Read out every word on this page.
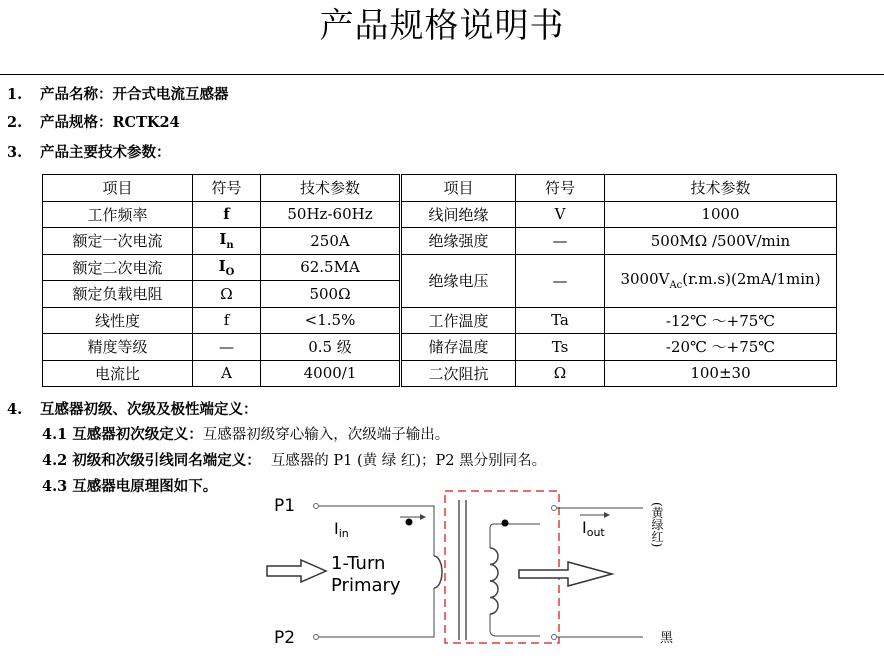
产品规格说明书
1. 产品名称：开合式电流互感器
2. 产品规格：RCTK24
3. 产品主要技术参数：
项目	符号	技术参数	项目	符号	技术参数
工作频率	f	50Hz-60Hz	线间绝缘	V	1000
额定一次电流	$I_n$	250A	绝缘强度	—	500MΩ /500V/min
额定二次电流	$I_O$	62.5MA	绝缘电压	—	$3000V_{Ac}(r.m.s)(2mA/1\min)$
额定负载电阻	Ω	500Ω			
线性度	f	<1.5%	工作温度	Ta	-12℃ ～+75℃
精度等级	—	0.5 级	储存温度	Ts	-20℃ ～+75℃
电流比	A	4000/1	二次阻抗	Ω	100±30
4. 互感器初级、次级及极性端定义：
4.1 互感器初次级定义：互感器初级穿心输入，次级端子输出。
4.2 初级和次级引线同名端定义： 互感器的 P1 (黄 绿 红)；P2 黑分别同名。
4.3 互感器电原理图如下。
P1
P2
Iin
1-Turn
Primary
Iout	(黄绿红)
黑
